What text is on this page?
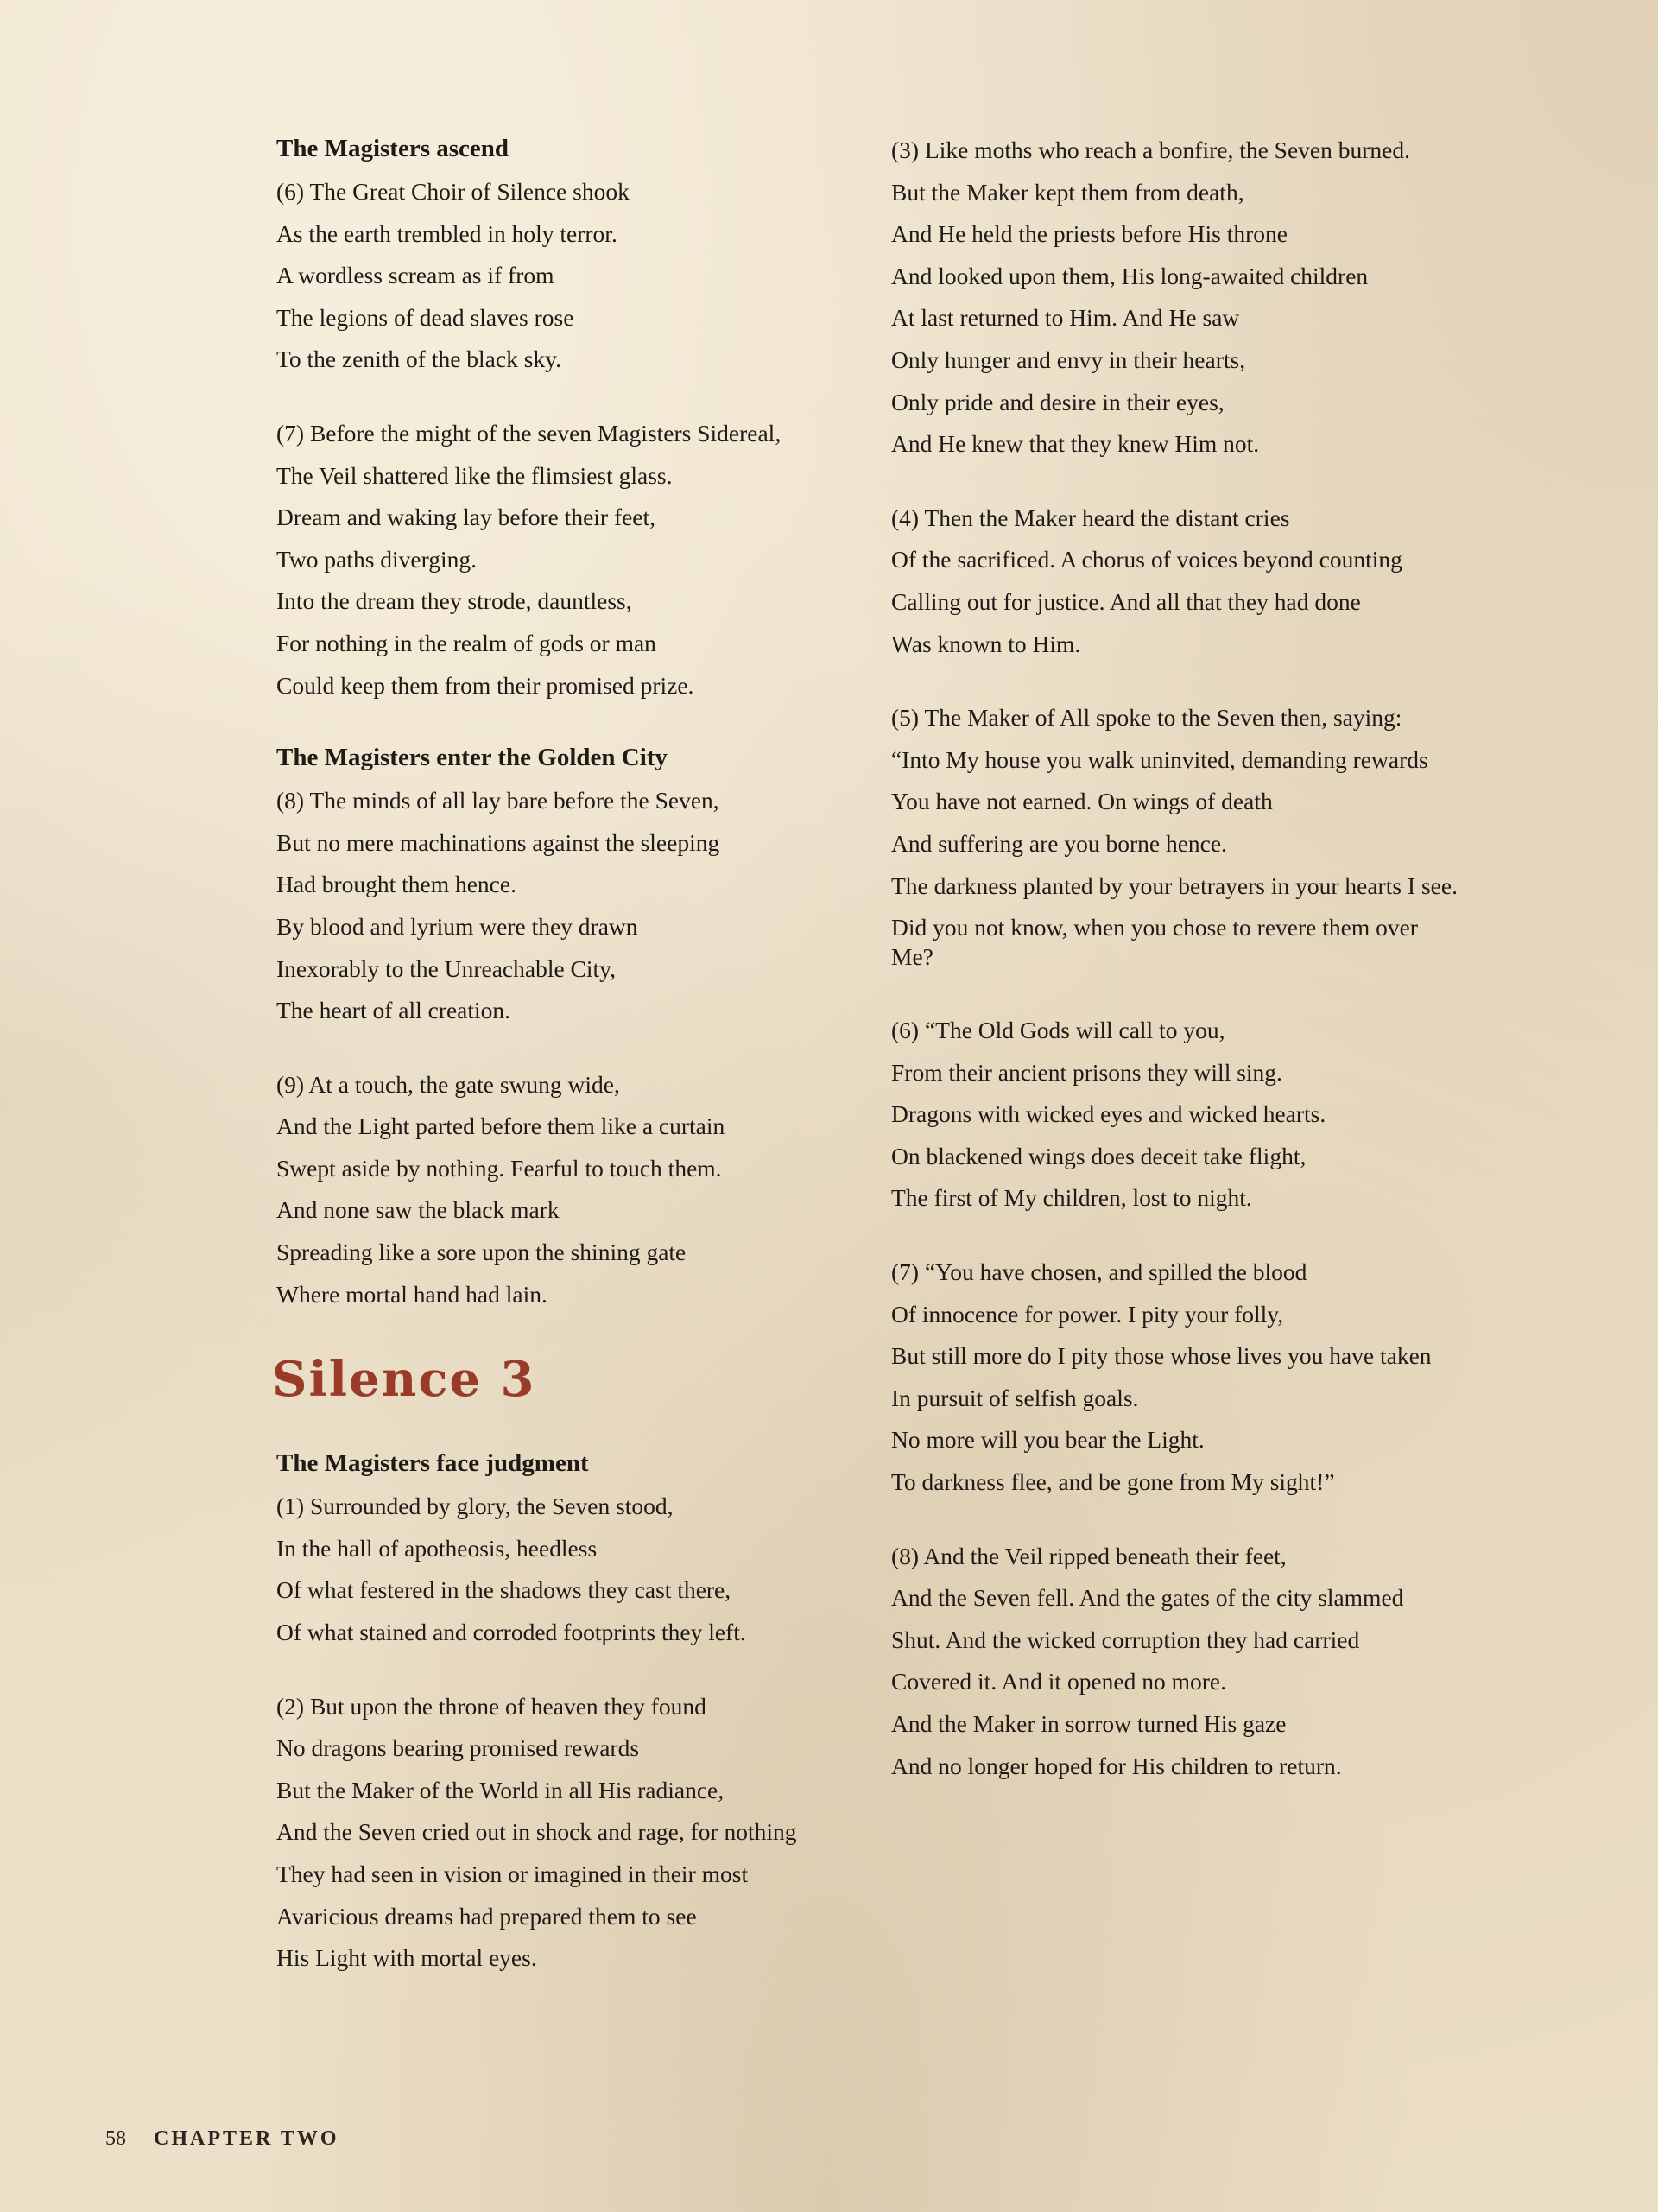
The Magisters ascend
(6) The Great Choir of Silence shook
As the earth trembled in holy terror.
A wordless scream as if from
The legions of dead slaves rose
To the zenith of the black sky.
(7) Before the might of the seven Magisters Sidereal,
The Veil shattered like the flimsiest glass.
Dream and waking lay before their feet,
Two paths diverging.
Into the dream they strode, dauntless,
For nothing in the realm of gods or man
Could keep them from their promised prize.
The Magisters enter the Golden City
(8) The minds of all lay bare before the Seven,
But no mere machinations against the sleeping
Had brought them hence.
By blood and lyrium were they drawn
Inexorably to the Unreachable City,
The heart of all creation.
(9) At a touch, the gate swung wide,
And the Light parted before them like a curtain
Swept aside by nothing. Fearful to touch them.
And none saw the black mark
Spreading like a sore upon the shining gate
Where mortal hand had lain.
Silence 3
The Magisters face judgment
(1) Surrounded by glory, the Seven stood,
In the hall of apotheosis, heedless
Of what festered in the shadows they cast there,
Of what stained and corroded footprints they left.
(2) But upon the throne of heaven they found
No dragons bearing promised rewards
But the Maker of the World in all His radiance,
And the Seven cried out in shock and rage, for nothing
They had seen in vision or imagined in their most
Avaricious dreams had prepared them to see
His Light with mortal eyes.
(3) Like moths who reach a bonfire, the Seven burned.
But the Maker kept them from death,
And He held the priests before His throne
And looked upon them, His long-awaited children
At last returned to Him. And He saw
Only hunger and envy in their hearts,
Only pride and desire in their eyes,
And He knew that they knew Him not.
(4) Then the Maker heard the distant cries
Of the sacrificed. A chorus of voices beyond counting
Calling out for justice. And all that they had done
Was known to Him.
(5) The Maker of All spoke to the Seven then, saying:
“Into My house you walk uninvited, demanding rewards
You have not earned. On wings of death
And suffering are you borne hence.
The darkness planted by your betrayers in your hearts I see.
Did you not know, when you chose to revere them over Me?
(6) “The Old Gods will call to you,
From their ancient prisons they will sing.
Dragons with wicked eyes and wicked hearts.
On blackened wings does deceit take flight,
The first of My children, lost to night.
(7) “You have chosen, and spilled the blood
Of innocence for power. I pity your folly,
But still more do I pity those whose lives you have taken
In pursuit of selfish goals.
No more will you bear the Light.
To darkness flee, and be gone from My sight!”
(8) And the Veil ripped beneath their feet,
And the Seven fell. And the gates of the city slammed
Shut. And the wicked corruption they had carried
Covered it. And it opened no more.
And the Maker in sorrow turned His gaze
And no longer hoped for His children to return.
58 CHAPTER TWO
